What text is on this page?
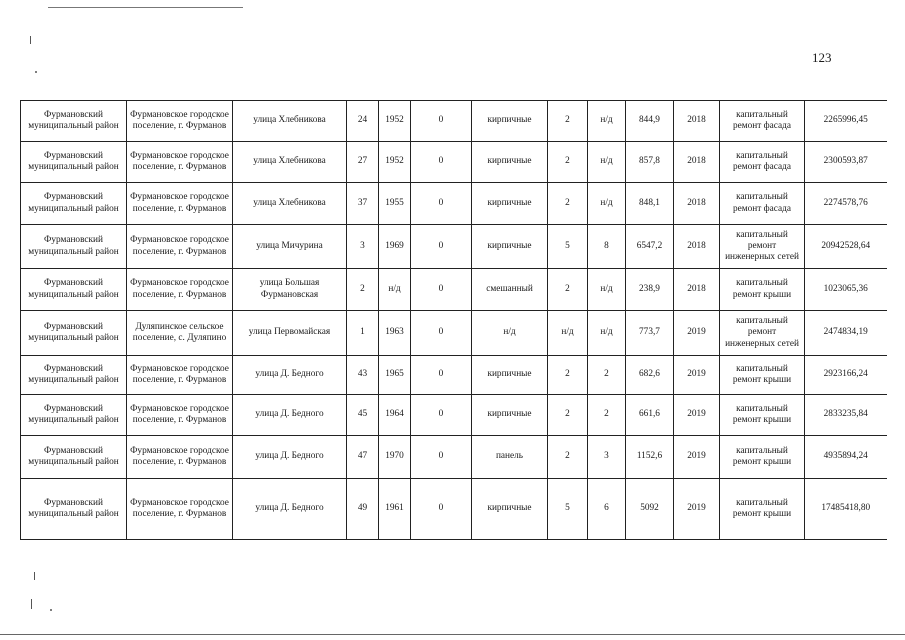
123
Фурмановский муниципальный район	Фурмановское городское поселение, г. Фурманов	улица Хлебникова	24	1952	0	кирпичные	2	н/д	844,9	2018	капитальный ремонт фасада	2265996,45
Фурмановский муниципальный район	Фурмановское городское поселение, г. Фурманов	улица Хлебникова	27	1952	0	кирпичные	2	н/д	857,8	2018	капитальный ремонт фасада	2300593,87
Фурмановский муниципальный район	Фурмановское городское поселение, г. Фурманов	улица Хлебникова	37	1955	0	кирпичные	2	н/д	848,1	2018	капитальный ремонт фасада	2274578,76
Фурмановский муниципальный район	Фурмановское городское поселение, г. Фурманов	улица Мичурина	3	1969	0	кирпичные	5	8	6547,2	2018	капитальный ремонт инженерных сетей	20942528,64
Фурмановский муниципальный район	Фурмановское городское поселение, г. Фурманов	улица Большая Фурмановская	2	н/д	0	смешанный	2	н/д	238,9	2018	капитальный ремонт крыши	1023065,36
Фурмановский муниципальный район	Дуляпинское сельское поселение, с. Дуляпино	улица Первомайская	1	1963	0	н/д	н/д	н/д	773,7	2019	капитальный ремонт инженерных сетей	2474834,19
Фурмановский муниципальный район	Фурмановское городское поселение, г. Фурманов	улица Д. Бедного	43	1965	0	кирпичные	2	2	682,6	2019	капитальный ремонт крыши	2923166,24
Фурмановский муниципальный район	Фурмановское городское поселение, г. Фурманов	улица Д. Бедного	45	1964	0	кирпичные	2	2	661,6	2019	капитальный ремонт крыши	2833235,84
Фурмановский муниципальный район	Фурмановское городское поселение, г. Фурманов	улица Д. Бедного	47	1970	0	панель	2	3	1152,6	2019	капитальный ремонт крыши	4935894,24
Фурмановский муниципальный район	Фурмановское городское поселение, г. Фурманов	улица Д. Бедного	49	1961	0	кирпичные	5	6	5092	2019	капитальный ремонт крыши	17485418,80
